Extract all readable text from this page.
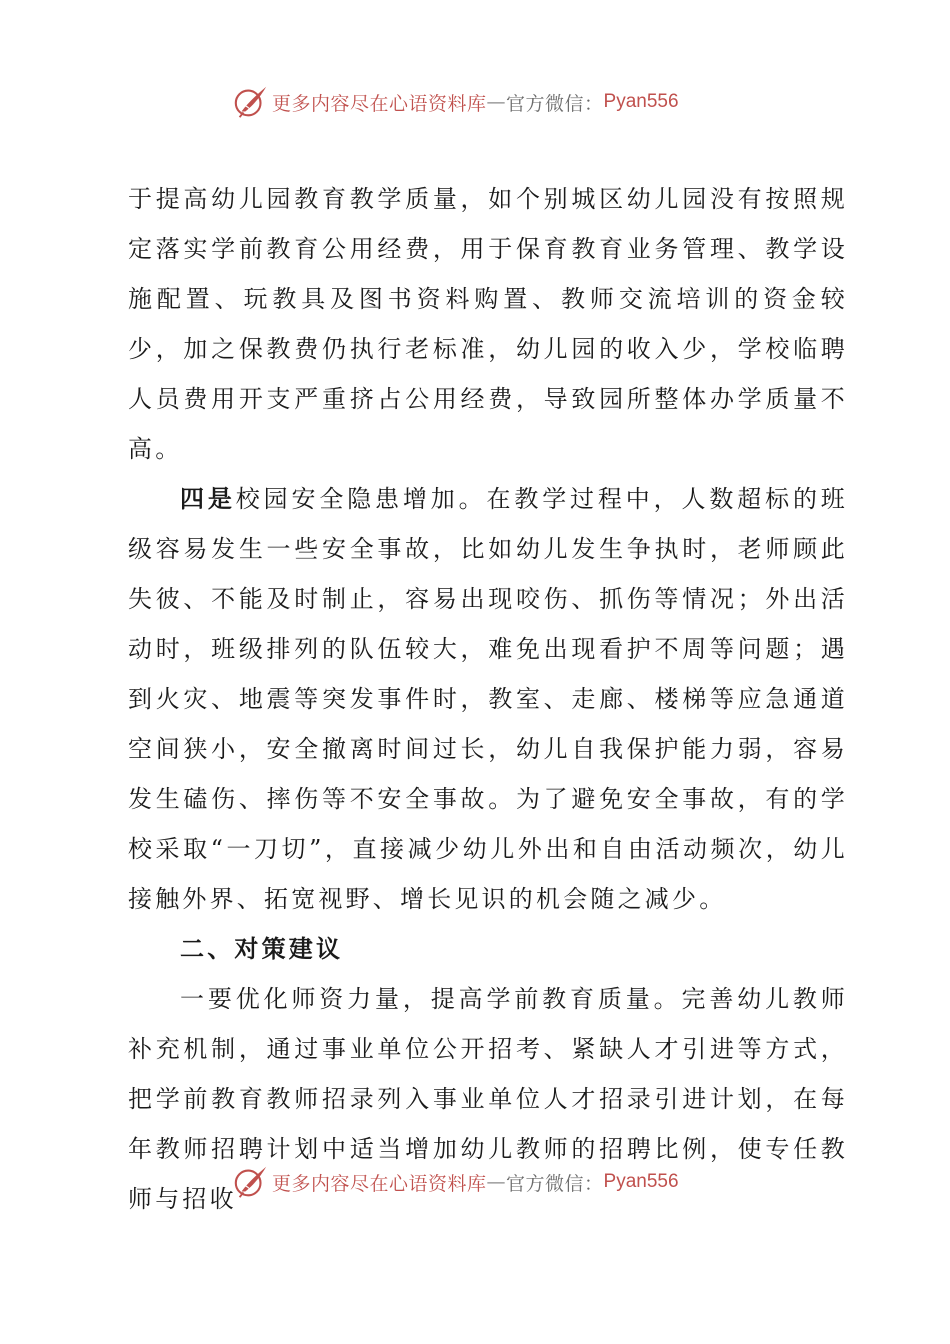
更多内容尽在心语资料库 — 官方微信： Pyan556

于提高幼儿园教育教学质量，如个别城区幼儿园没有按照规定落实学前教育公用经费，用于保育教育业务管理、教学设施配置、玩教具及图书资料购置、教师交流培训的资金较少，加之保教费仍执行老标准，幼儿园的收入少，学校临聘人员费用开支严重挤占公用经费，导致园所整体办学质量不高。

四是校园安全隐患增加。在教学过程中，人数超标的班级容易发生一些安全事故，比如幼儿发生争执时，老师顾此失彼、不能及时制止，容易出现咬伤、抓伤等情况；外出活动时，班级排列的队伍较大，难免出现看护不周等问题；遇到火灾、地震等突发事件时，教室、走廊、楼梯等应急通道空间狭小，安全撤离时间过长，幼儿自我保护能力弱，容易发生磕伤、摔伤等不安全事故。为了避免安全事故，有的学校采取“一刀切”，直接减少幼儿外出和自由活动频次，幼儿接触外界、拓宽视野、增长见识的机会随之减少。

二、对策建议

一要优化师资力量，提高学前教育质量。完善幼儿教师补充机制，通过事业单位公开招考、紧缺人才引进等方式，把学前教育教师招录列入事业单位人才招录引进计划，在每年教师招聘计划中适当增加幼儿教师的招聘比例，使专任教师与招收

更多内容尽在心语资料库 — 官方微信： Pyan556
